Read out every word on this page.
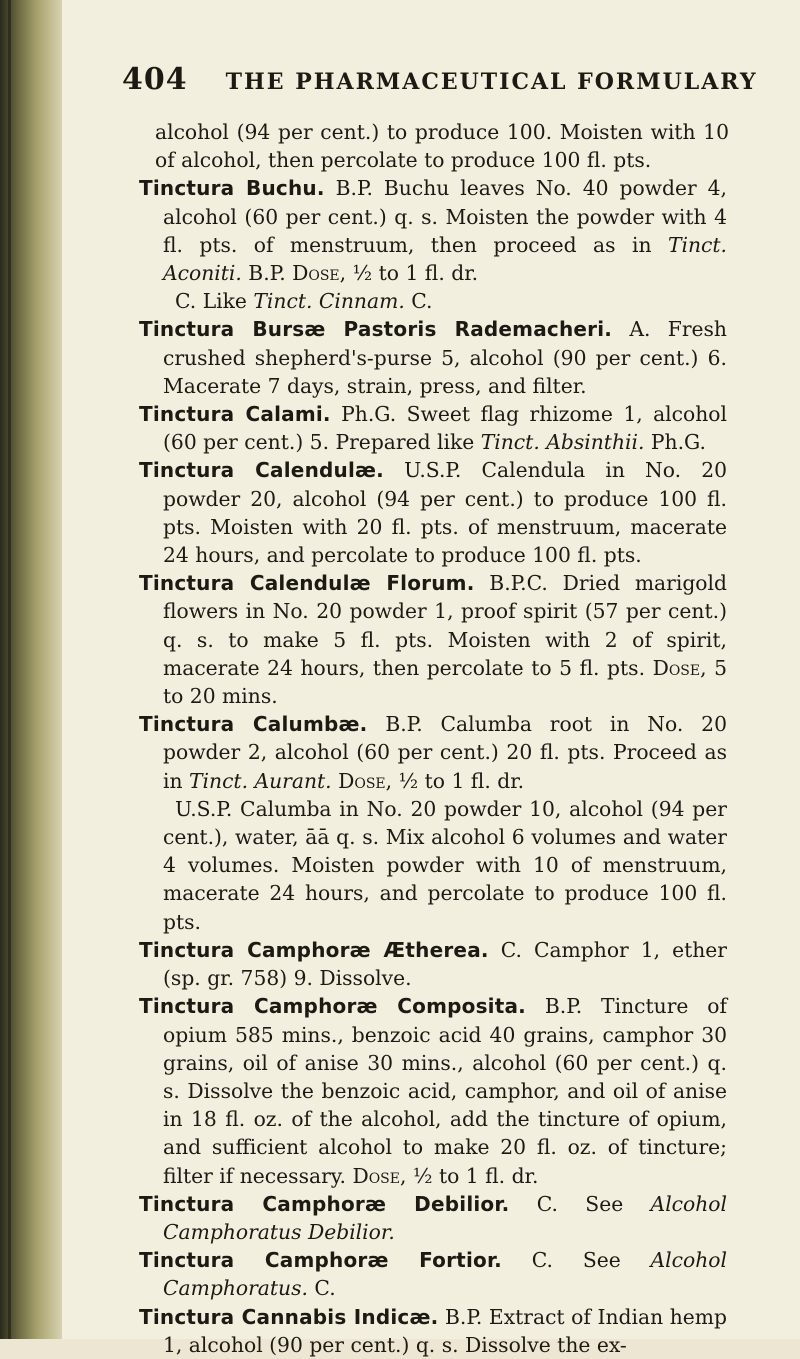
404 THE PHARMACEUTICAL FORMULARY

alcohol (94 per cent.) to produce 100. Moisten with 10 of alcohol, then percolate to produce 100 fl. pts.

Tinctura Buchu. B.P. Buchu leaves No. 40 powder 4, alcohol (60 per cent.) q. s. Moisten the powder with 4 fl. pts. of menstruum, then proceed as in Tinct. Aconiti. B.P. Dose, ½ to 1 fl. dr.

C. Like Tinct. Cinnam. C.

Tinctura Bursæ Pastoris Rademacheri. A. Fresh crushed shepherd's-purse 5, alcohol (90 per cent.) 6. Macerate 7 days, strain, press, and filter.

Tinctura Calami. Ph.G. Sweet flag rhizome 1, alcohol (60 per cent.) 5. Prepared like Tinct. Absinthii. Ph.G.

Tinctura Calendulæ. U.S.P. Calendula in No. 20 powder 20, alcohol (94 per cent.) to produce 100 fl. pts. Moisten with 20 fl. pts. of menstruum, macerate 24 hours, and percolate to produce 100 fl. pts.

Tinctura Calendulæ Florum. B.P.C. Dried marigold flowers in No. 20 powder 1, proof spirit (57 per cent.) q. s. to make 5 fl. pts. Moisten with 2 of spirit, macerate 24 hours, then percolate to 5 fl. pts. Dose, 5 to 20 mins.

Tinctura Calumbæ. B.P. Calumba root in No. 20 powder 2, alcohol (60 per cent.) 20 fl. pts. Proceed as in Tinct. Aurant. Dose, ½ to 1 fl. dr.

U.S.P. Calumba in No. 20 powder 10, alcohol (94 per cent.), water, āā q. s. Mix alcohol 6 volumes and water 4 volumes. Moisten powder with 10 of menstruum, macerate 24 hours, and percolate to produce 100 fl. pts.

Tinctura Camphoræ Ætherea. C. Camphor 1, ether (sp. gr. 758) 9. Dissolve.

Tinctura Camphoræ Composita. B.P. Tincture of opium 585 mins., benzoic acid 40 grains, camphor 30 grains, oil of anise 30 mins., alcohol (60 per cent.) q. s. Dissolve the benzoic acid, camphor, and oil of anise in 18 fl. oz. of the alcohol, add the tincture of opium, and sufficient alcohol to make 20 fl. oz. of tincture; filter if necessary. Dose, ½ to 1 fl. dr.

Tinctura Camphoræ Debilior. C. See Alcohol Camphoratus Debilior.

Tinctura Camphoræ Fortior. C. See Alcohol Camphoratus. C.

Tinctura Cannabis Indicæ. B.P. Extract of Indian hemp 1, alcohol (90 per cent.) q. s. Dissolve the ex-
